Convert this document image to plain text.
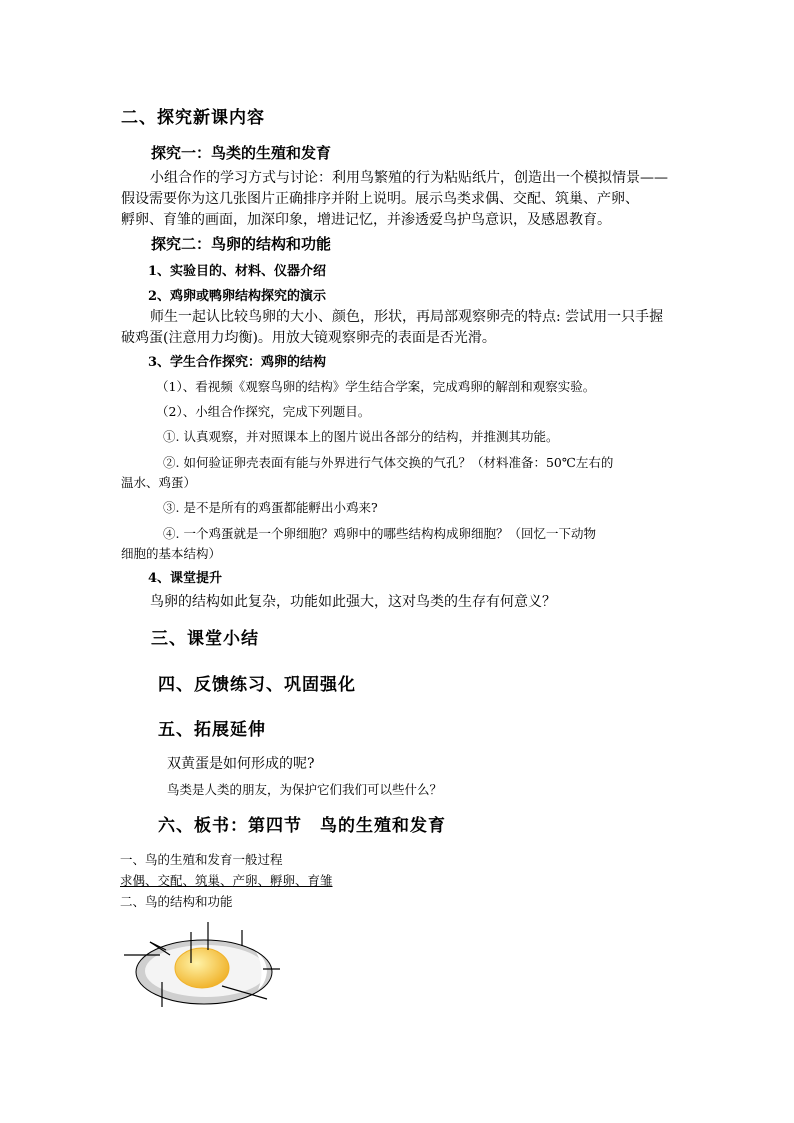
二、探究新课内容
探究一：鸟类的生殖和发育
小组合作的学习方式与讨论：利用鸟繁殖的行为粘贴纸片，创造出一个模拟情景——
假设需要你为这几张图片正确排序并附上说明。展示鸟类求偶、交配、筑巢、产卵、
孵卵、育雏的画面，加深印象，增进记忆，并渗透爱鸟护鸟意识，及感恩教育。
探究二：鸟卵的结构和功能
1、实验目的、材料、仪器介绍
2、鸡卵或鸭卵结构探究的演示
师生一起认比较鸟卵的大小、颜色，形状，再局部观察卵壳的特点: 尝试用一只手握
破鸡蛋(注意用力均衡)。用放大镜观察卵壳的表面是否光滑。
3、学生合作探究：鸡卵的结构
（1）、看视频《观察鸟卵的结构》学生结合学案，完成鸡卵的解剖和观察实验。
（2）、小组合作探究，完成下列题目。
①. 认真观察，并对照课本上的图片说出各部分的结构，并推测其功能。
②. 如何验证卵壳表面有能与外界进行气体交换的气孔？（材料准备：50℃左右的
温水、鸡蛋）
③. 是不是所有的鸡蛋都能孵出小鸡来?
④. 一个鸡蛋就是一个卵细胞？鸡卵中的哪些结构构成卵细胞？（回忆一下动物
细胞的基本结构）
4、课堂提升
鸟卵的结构如此复杂，功能如此强大，这对鸟类的生存有何意义？
三、课堂小结
四、反馈练习、巩固强化
五、拓展延伸
双黄蛋是如何形成的呢?
鸟类是人类的朋友，为保护它们我们可以些什么？
六、板书：第四节　鸟的生殖和发育
一、鸟的生殖和发育一般过程
求偶、交配、筑巢、产卵、孵卵、育雏
二、鸟的结构和功能
